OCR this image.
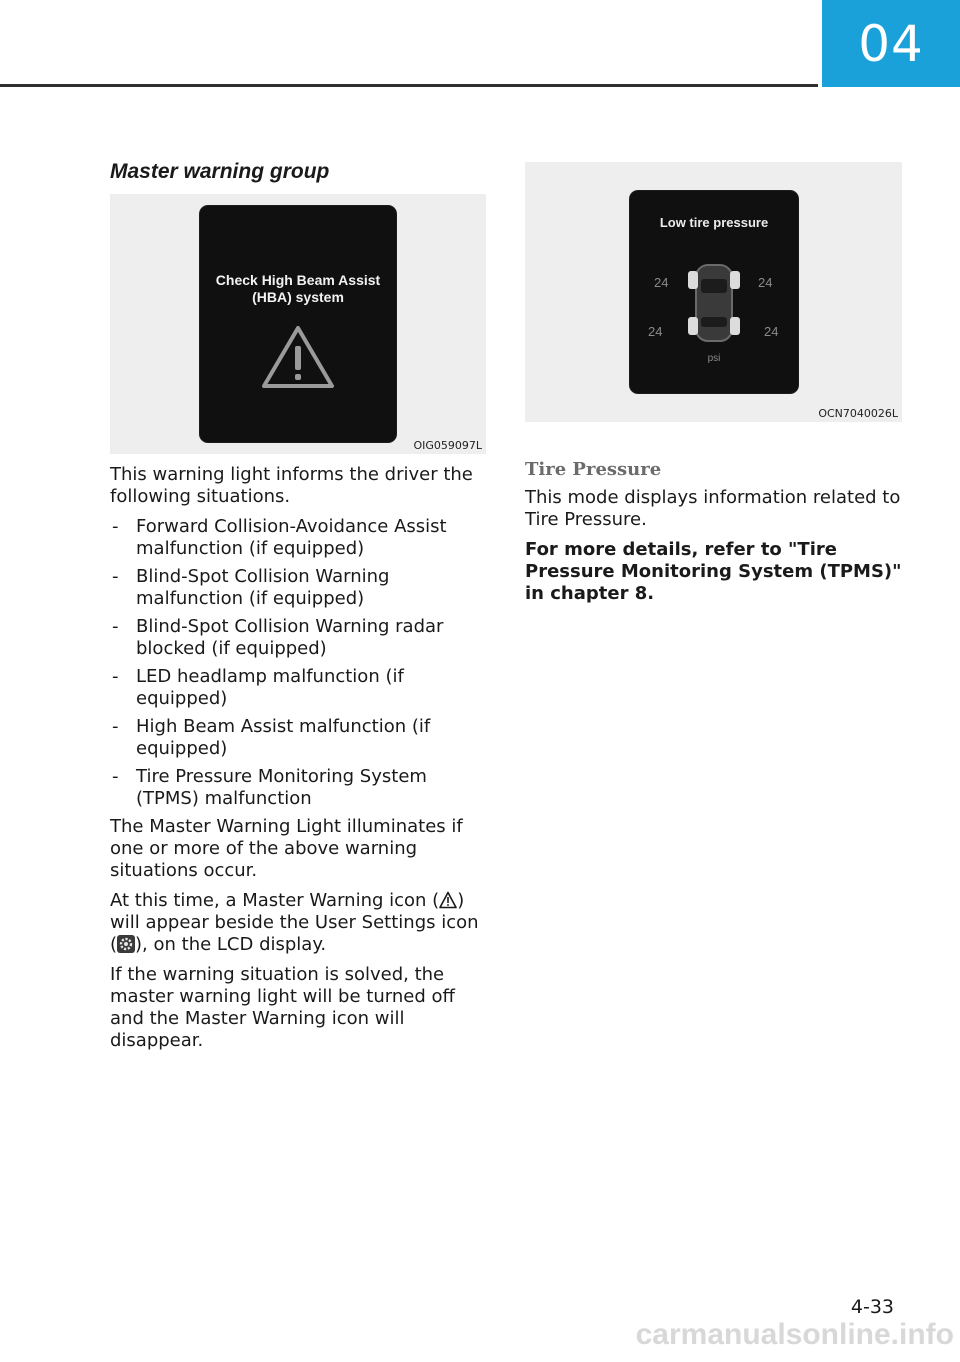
04
Master warning group
Check High Beam Assist
(HBA) system
OIG059097L
Low tire pressure
24	24
24	24
psi
OCN7040026L

This warning light informs the driver the following situations.

- Forward Collision-Avoidance Assist malfunction (if equipped)
- Blind-Spot Collision Warning malfunction (if equipped)
- Blind-Spot Collision Warning radar blocked (if equipped)
- LED headlamp malfunction (if equipped)
- High Beam Assist malfunction (if equipped)
- Tire Pressure Monitoring System (TPMS) malfunction

The Master Warning Light illuminates if one or more of the above warning situations occur.

At this time, a Master Warning icon ( ) will appear beside the User Settings icon ( ), on the LCD display.

If the warning situation is solved, the master warning light will be turned off and the Master Warning icon will disappear.

Tire Pressure

This mode displays information related to Tire Pressure.

For more details, refer to "Tire Pressure Monitoring System (TPMS)" in chapter 8.

4-33
carmanualsonline.info
